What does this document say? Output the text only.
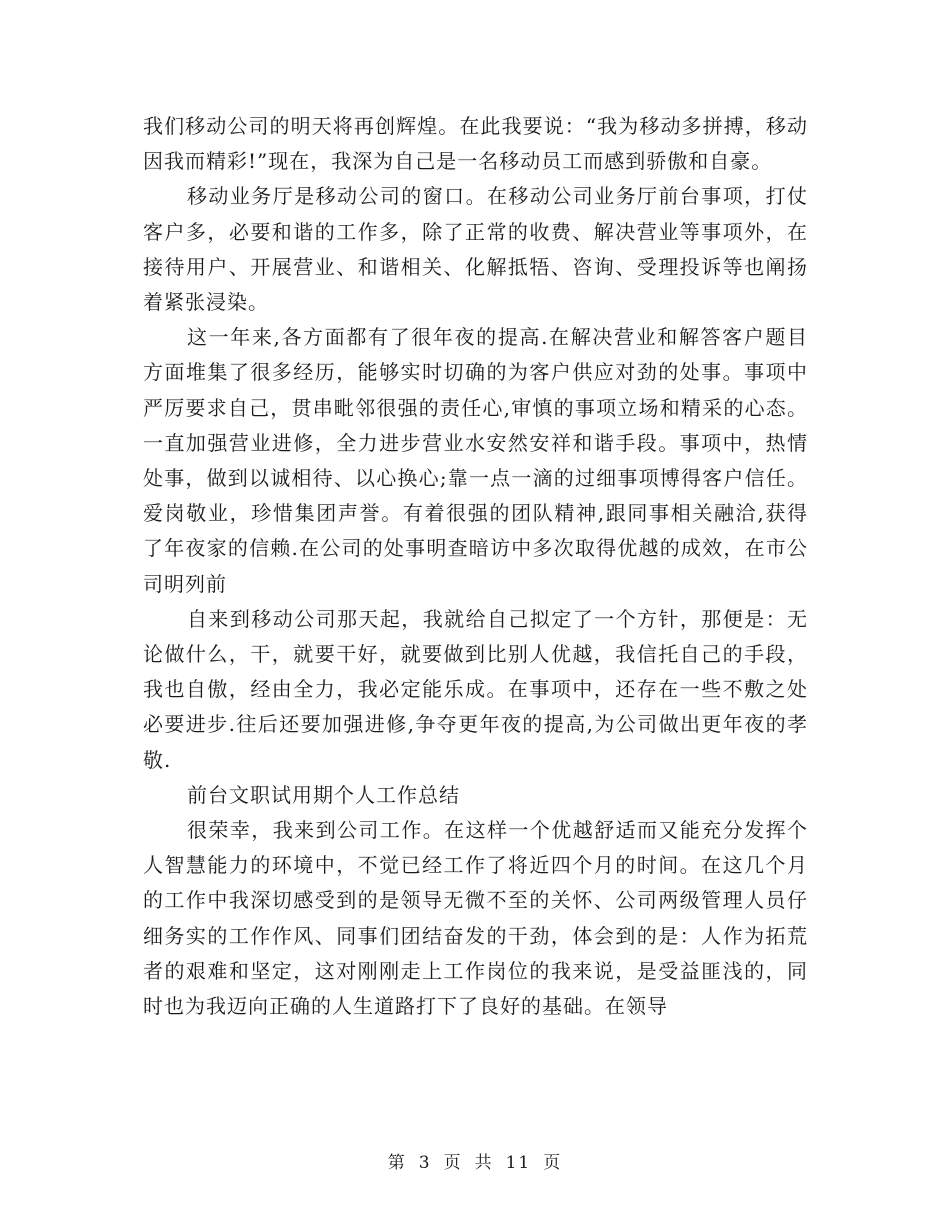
我们移动公司的明天将再创辉煌。在此我要说：“我为移动多拼搏，移动因我而精彩!”现在，我深为自己是一名移动员工而感到骄傲和自豪。

移动业务厅是移动公司的窗口。在移动公司业务厅前台事项，打仗客户多，必要和谐的工作多，除了正常的收费、解决营业等事项外，在接待用户、开展营业、和谐相关、化解抵牾、咨询、受理投诉等也阐扬着紧张浸染。

这一年来,各方面都有了很年夜的提高.在解决营业和解答客户题目方面堆集了很多经历，能够实时切确的为客户供应对劲的处事。事项中严厉要求自己，贯串毗邻很强的责任心,审慎的事项立场和精采的心态。一直加强营业进修，全力进步营业水安然安祥和谐手段。事项中，热情处事，做到以诚相待、以心换心;靠一点一滴的过细事项博得客户信任。爱岗敬业，珍惜集团声誉。有着很强的团队精神,跟同事相关融洽,获得了年夜家的信赖.在公司的处事明查暗访中多次取得优越的成效，在市公司明列前

自来到移动公司那天起，我就给自己拟定了一个方针，那便是：无论做什么，干，就要干好，就要做到比别人优越，我信托自己的手段，我也自傲，经由全力，我必定能乐成。在事项中，还存在一些不敷之处必要进步.往后还要加强进修,争夺更年夜的提高,为公司做出更年夜的孝敬.

前台文职试用期个人工作总结

很荣幸，我来到公司工作。在这样一个优越舒适而又能充分发挥个人智慧能力的环境中，不觉已经工作了将近四个月的时间。在这几个月的工作中我深切感受到的是领导无微不至的关怀、公司两级管理人员仔细务实的工作作风、同事们团结奋发的干劲，体会到的是：人作为拓荒者的艰难和坚定，这对刚刚走上工作岗位的我来说，是受益匪浅的，同时也为我迈向正确的人生道路打下了良好的基础。在领导

第 3 页 共 11 页
